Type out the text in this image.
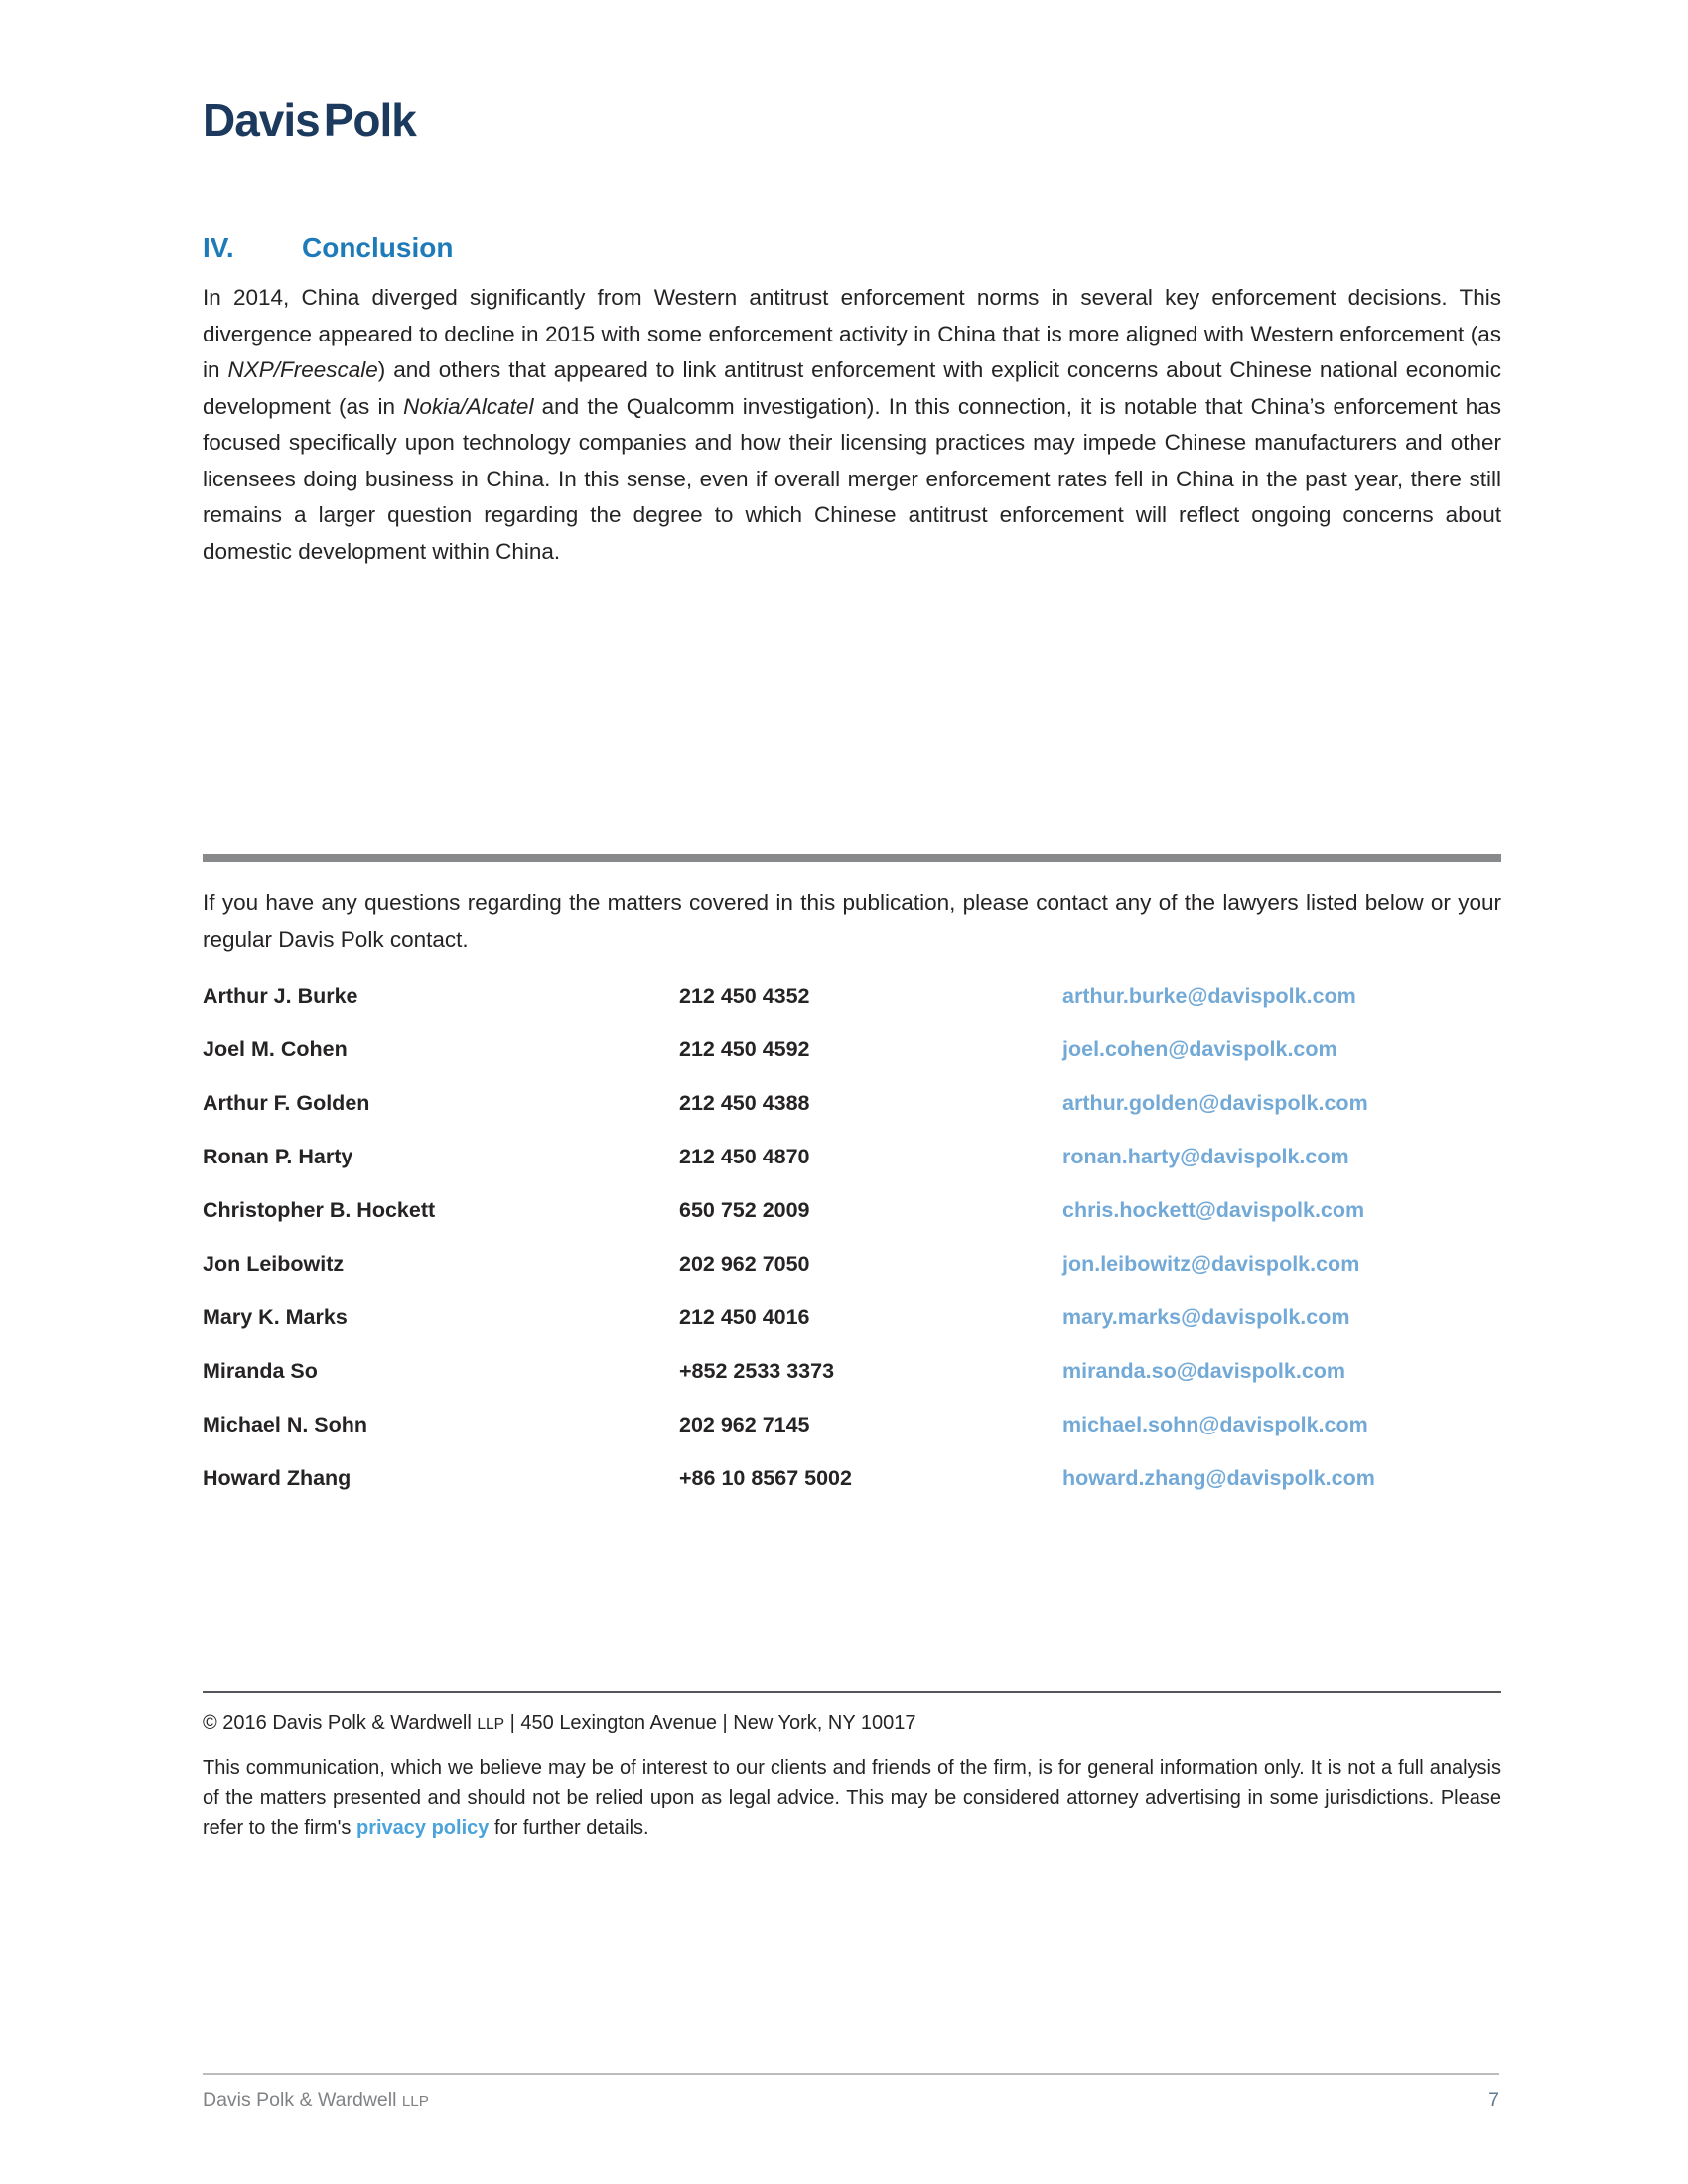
DavisPolk
IV. Conclusion

In 2014, China diverged significantly from Western antitrust enforcement norms in several key enforcement decisions. This divergence appeared to decline in 2015 with some enforcement activity in China that is more aligned with Western enforcement (as in NXP/Freescale) and others that appeared to link antitrust enforcement with explicit concerns about Chinese national economic development (as in Nokia/Alcatel and the Qualcomm investigation). In this connection, it is notable that China’s enforcement has focused specifically upon technology companies and how their licensing practices may impede Chinese manufacturers and other licensees doing business in China. In this sense, even if overall merger enforcement rates fell in China in the past year, there still remains a larger question regarding the degree to which Chinese antitrust enforcement will reflect ongoing concerns about domestic development within China.

If you have any questions regarding the matters covered in this publication, please contact any of the lawyers listed below or your regular Davis Polk contact.

Arthur J. Burke	212 450 4352	arthur.burke@davispolk.com
Joel M. Cohen	212 450 4592	joel.cohen@davispolk.com
Arthur F. Golden	212 450 4388	arthur.golden@davispolk.com
Ronan P. Harty	212 450 4870	ronan.harty@davispolk.com
Christopher B. Hockett	650 752 2009	chris.hockett@davispolk.com
Jon Leibowitz	202 962 7050	jon.leibowitz@davispolk.com
Mary K. Marks	212 450 4016	mary.marks@davispolk.com
Miranda So	+852 2533 3373	miranda.so@davispolk.com
Michael N. Sohn	202 962 7145	michael.sohn@davispolk.com
Howard Zhang	+86 10 8567 5002	howard.zhang@davispolk.com

© 2016 Davis Polk & Wardwell LLP | 450 Lexington Avenue | New York, NY 10017

This communication, which we believe may be of interest to our clients and friends of the firm, is for general information only. It is not a full analysis of the matters presented and should not be relied upon as legal advice. This may be considered attorney advertising in some jurisdictions. Please refer to the firm's privacy policy for further details.

Davis Polk & Wardwell LLP	7
